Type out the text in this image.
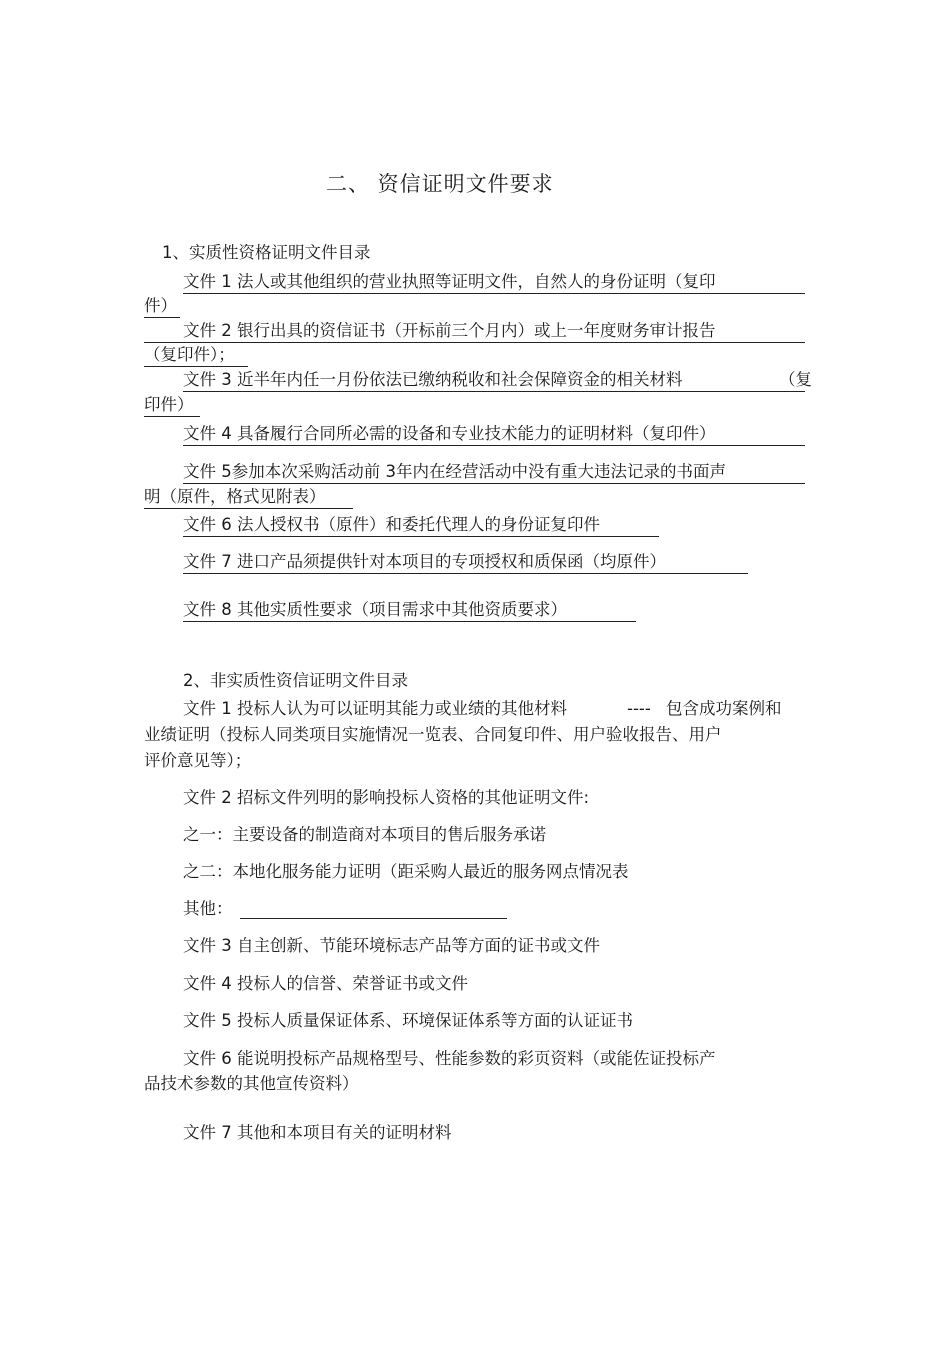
二、 资信证明文件要求
1、实质性资格证明文件目录
文件 1 法人或其他组织的营业执照等证明文件，自然人的身份证明（复印
件）
文件 2 银行出具的资信证书（开标前三个月内）或上一年度财务审计报告
（复印件）；
文件 3 近半年内任一月份依法已缴纳税收和社会保障资金的相关材料	（复
印件）
文件 4 具备履行合同所必需的设备和专业技术能力的证明材料（复印件）
文件 5参加本次采购活动前 3年内在经营活动中没有重大违法记录的书面声
明（原件，格式见附表）
文件 6 法人授权书（原件）和委托代理人的身份证复印件
文件 7 进口产品须提供针对本项目的专项授权和质保函（均原件）
文件 8 其他实质性要求（项目需求中其他资质要求）
2、非实质性资信证明文件目录
文件 1 投标人认为可以证明其能力或业绩的其他材料	---- 包含成功案例和
业绩证明（投标人同类项目实施情况一览表、合同复印件、用户验收报告、用户
评价意见等）；
文件 2 招标文件列明的影响投标人资格的其他证明文件:
之一：主要设备的制造商对本项目的售后服务承诺
之二：本地化服务能力证明（距采购人最近的服务网点情况表
其他：
文件 3 自主创新、节能环境标志产品等方面的证书或文件
文件 4 投标人的信誉、荣誉证书或文件
文件 5 投标人质量保证体系、环境保证体系等方面的认证证书
文件 6 能说明投标产品规格型号、性能参数的彩页资料（或能佐证投标产
品技术参数的其他宣传资料）
文件 7 其他和本项目有关的证明材料
